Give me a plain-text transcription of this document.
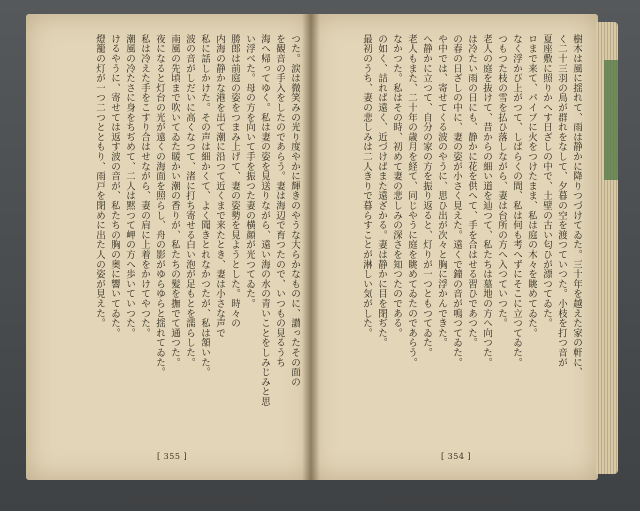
つた。涙は微笑みの光り度やかに輝きのやうな大らかなものに、讃ったその面の
を観音の手入をしたのであらう。妻は海辺で育つたので、いつもの見るうち
海へ帰ってゆく。私は妻の姿を見送りながら、遠い海の水の青いことをしみじみと思
い浮べた。母の方を向いて手を振つた妻の横顔が光つてゐた。
勝郎は前庭の姿をつまみ上げて、妻の姿勢を見ようとした。時々の
内海の静かな港を出て潮に沿つて近くまで来たとき、妻は小さな声で
私に話しかけた。その声は細かくて、よく聞きとれなかつたが、私は頷いた。
波の音がしだいに高くなつて、渚に打ち寄せる白い泡が足もとを濡らした。
南風の先頃まで吹いてゐた暖かい潮の香りが、私たちの髪を撫でて通つた。
夜になると灯台の光が遠くの海面を照らし、舟の影がゆらゆらと揺れてゐた。
私は冷えた手をこすり合はせながら、妻の肩に上着をかけてやつた。
潮風の冷たさに身をちぢめて、二人は黙つて岬の方へ歩いていつた。
けるやうに、寄せては返す波の音が、私たちの胸の奥に響いてゐた。
燈籠の灯が一つ二つとともり、雨戸を閉めに出た人の姿が見えた。	樹木は風に揺れて、雨は静かに降りつづけてゐた。三十年を越えた家の軒に、
く二十三羽の鳥が群れをなして、夕暮の空を渡つていつた。小枝を打つ音が
夏座敷に照りかへす日ざしの中で、土壁の古い匂ひが漂つてゐた。
ロまで来て、パイプに火をつけたまま、私は庭の木々を眺めてゐた。
なく浮かび上がつて、しばらくの間、私は何も考へずにそこに立つてゐた。
つもつた枝の雪を払ひ落しながら、妻は台所の方へ入つていつた。
老人の庭を抜けて、昔からの細い道を辿つて、私たちは墓地の方へ向つた。
は冷たい雨の日にも、静かに花を供へて、手を合はせる習ひであつた。
の春の日ざしの中に、妻の姿が小さく見えた。遠くで鐘の音が鳴つてゐた。
や中では、寄せてくる波のやうに、思ひ出が次々と胸に浮かんできた。
へ静かに立つて、自分の家の方を振り返ると、灯りが一つともつてゐた。
老人もまた、二十年の歳月を経て、同じやうに庭を眺めてゐたのであらう。
なかつた。私はその時、初めて妻の悲しみの深さを知つたのである。
の如く、詰れば遠く、近づけばまた遠ざかる。妻は静かに目を閉ぢた。
最初のうち、妻の悲しみは二人きりで暮らすことが淋しい気がした。
[ 355 ]	[ 354 ]
